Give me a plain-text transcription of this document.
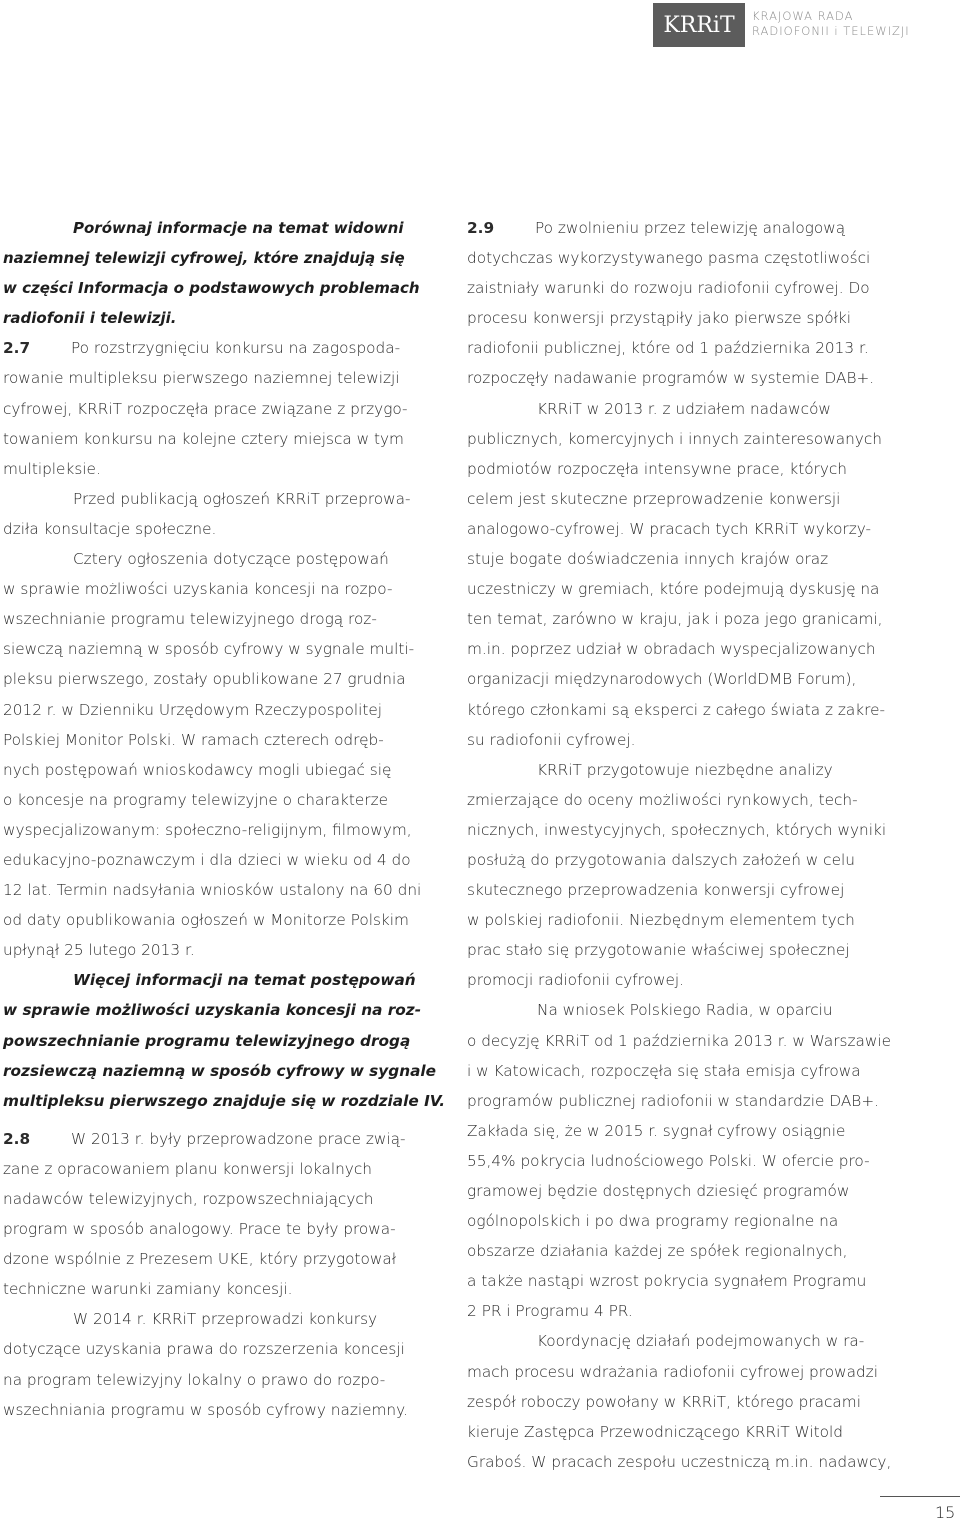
KRRiT KRAJOWA RADA
RADIOFONII i TELEWIZJI
Porównaj informacje na temat widowni
naziemnej telewizji cyfrowej, które znajdują się
w części Informacja o podstawowych problemach
radiofonii i telewizji.
2.7	Po rozstrzygnięciu konkursu na zagospoda-
rowanie multipleksu pierwszego naziemnej telewizji
cyfrowej, KRRiT rozpoczęła prace związane z przygo-
towaniem konkursu na kolejne cztery miejsca w tym
multipleksie.
Przed publikacją ogłoszeń KRRiT przeprowa-
dziła konsultacje społeczne.
Cztery ogłoszenia dotyczące postępowań
w sprawie możliwości uzyskania koncesji na rozpo-
wszechnianie programu telewizyjnego drogą roz-
siewczą naziemną w sposób cyfrowy w sygnale multi-
pleksu pierwszego, zostały opublikowane 27 grudnia
2012 r. w Dzienniku Urzędowym Rzeczypospolitej
Polskiej Monitor Polski. W ramach czterech odręb-
nych postępowań wnioskodawcy mogli ubiegać się
o koncesje na programy telewizyjne o charakterze
wyspecjalizowanym: społeczno-religijnym, filmowym,
edukacyjno-poznawczym i dla dzieci w wieku od 4 do
12 lat. Termin nadsyłania wniosków ustalony na 60 dni
od daty opublikowania ogłoszeń w Monitorze Polskim
upłynął 25 lutego 2013 r.
Więcej informacji na temat postępowań
w sprawie możliwości uzyskania koncesji na roz-
powszechnianie programu telewizyjnego drogą
rozsiewczą naziemną w sposób cyfrowy w sygnale
multipleksu pierwszego znajduje się w rozdziale IV.
2.8	W 2013 r. były przeprowadzone prace zwią-
zane z opracowaniem planu konwersji lokalnych
nadawców telewizyjnych, rozpowszechniających
program w sposób analogowy. Prace te były prowa-
dzone wspólnie z Prezesem UKE, który przygotował
techniczne warunki zamiany koncesji.
W 2014 r. KRRiT przeprowadzi konkursy
dotyczące uzyskania prawa do rozszerzenia koncesji
na program telewizyjny lokalny o prawo do rozpo-
wszechniania programu w sposób cyfrowy naziemny.
2.9	Po zwolnieniu przez telewizję analogową
dotychczas wykorzystywanego pasma częstotliwości
zaistniały warunki do rozwoju radiofonii cyfrowej. Do
procesu konwersji przystąpiły jako pierwsze spółki
radiofonii publicznej, które od 1 października 2013 r.
rozpoczęły nadawanie programów w systemie DAB+.
KRRiT w 2013 r. z udziałem nadawców
publicznych, komercyjnych i innych zainteresowanych
podmiotów rozpoczęła intensywne prace, których
celem jest skuteczne przeprowadzenie konwersji
analogowo-cyfrowej. W pracach tych KRRiT wykorzy-
stuje bogate doświadczenia innych krajów oraz
uczestniczy w gremiach, które podejmują dyskusję na
ten temat, zarówno w kraju, jak i poza jego granicami,
m.in. poprzez udział w obradach wyspecjalizowanych
organizacji międzynarodowych (WorldDMB Forum),
którego członkami są eksperci z całego świata z zakre-
su radiofonii cyfrowej.
KRRiT przygotowuje niezbędne analizy
zmierzające do oceny możliwości rynkowych, tech-
nicznych, inwestycyjnych, społecznych, których wyniki
posłużą do przygotowania dalszych założeń w celu
skutecznego przeprowadzenia konwersji cyfrowej
w polskiej radiofonii. Niezbędnym elementem tych
prac stało się przygotowanie właściwej społecznej
promocji radiofonii cyfrowej.
Na wniosek Polskiego Radia, w oparciu
o decyzję KRRiT od 1 października 2013 r. w Warszawie
i w Katowicach, rozpoczęła się stała emisja cyfrowa
programów publicznej radiofonii w standardzie DAB+.
Zakłada się, że w 2015 r. sygnał cyfrowy osiągnie
55,4% pokrycia ludnościowego Polski. W ofercie pro-
gramowej będzie dostępnych dziesięć programów
ogólnopolskich i po dwa programy regionalne na
obszarze działania każdej ze spółek regionalnych,
a także nastąpi wzrost pokrycia sygnałem Programu
2 PR i Programu 4 PR.
Koordynację działań podejmowanych w ra-
mach procesu wdrażania radiofonii cyfrowej prowadzi
zespół roboczy powołany w KRRiT, którego pracami
kieruje Zastępca Przewodniczącego KRRiT Witold
Graboś. W pracach zespołu uczestniczą m.in. nadawcy,
15
